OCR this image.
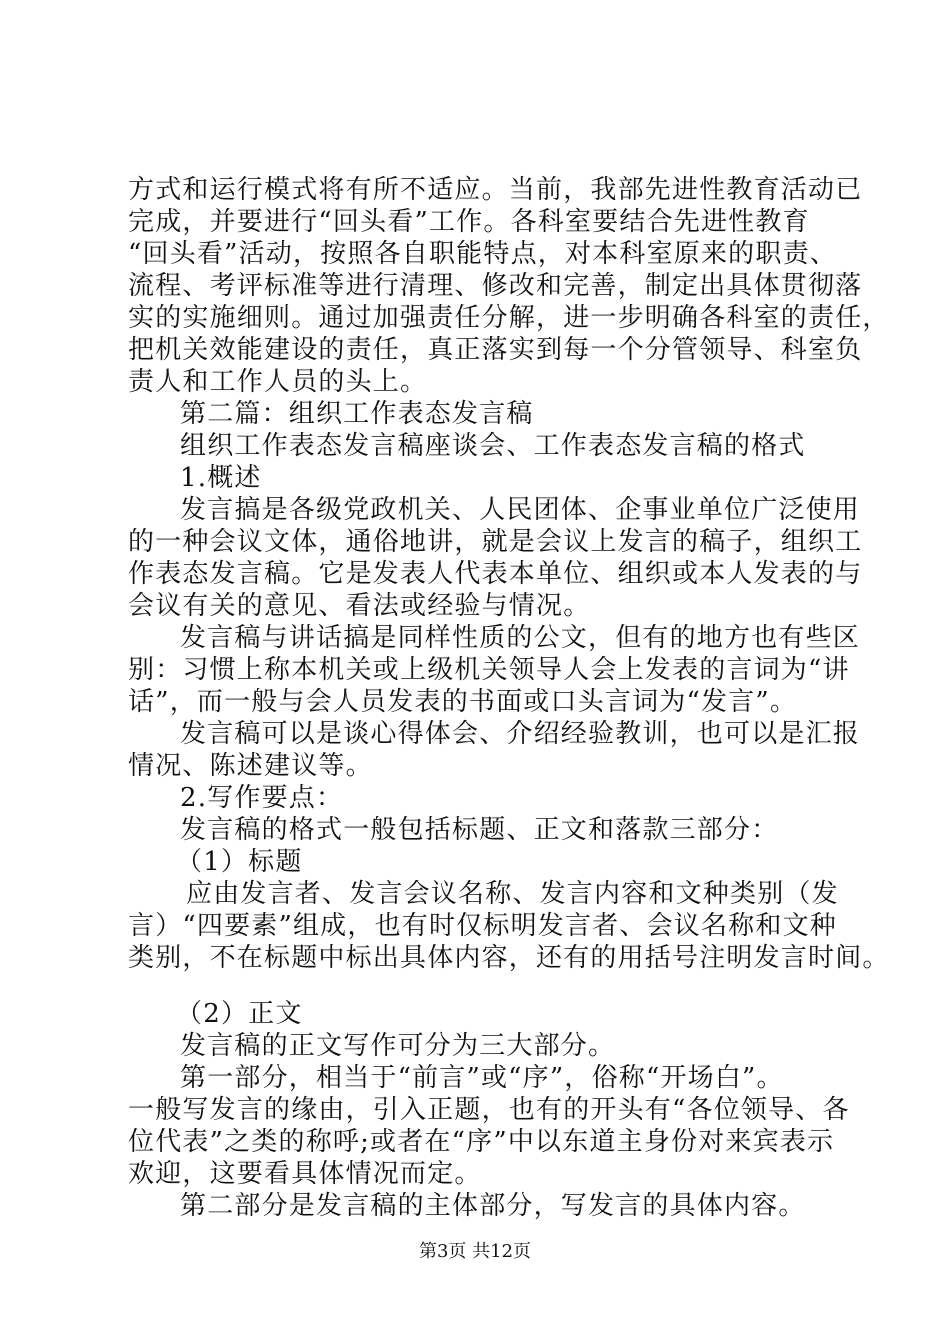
方式和运行模式将有所不适应。当前，我部先进性教育活动已
完成，并要进行“回头看”工作。各科室要结合先进性教育
“回头看”活动，按照各自职能特点，对本科室原来的职责、
流程、考评标准等进行清理、修改和完善，制定出具体贯彻落
实的实施细则。通过加强责任分解，进一步明确各科室的责任，
把机关效能建设的责任，真正落实到每一个分管领导、科室负
责人和工作人员的头上。
第二篇：组织工作表态发言稿
组织工作表态发言稿座谈会、工作表态发言稿的格式
1.概述
发言搞是各级党政机关、人民团体、企事业单位广泛使用
的一种会议文体，通俗地讲，就是会议上发言的稿子，组织工
作表态发言稿。它是发表人代表本单位、组织或本人发表的与
会议有关的意见、看法或经验与情况。
发言稿与讲话搞是同样性质的公文，但有的地方也有些区
别：习惯上称本机关或上级机关领导人会上发表的言词为“讲
话”，而一般与会人员发表的书面或口头言词为“发言”。
发言稿可以是谈心得体会、介绍经验教训，也可以是汇报
情况、陈述建议等。
2.写作要点：
发言稿的格式一般包括标题、正文和落款三部分：
（1）标题
应由发言者、发言会议名称、发言内容和文种类别（发
言）“四要素”组成，也有时仅标明发言者、会议名称和文种
类别，不在标题中标出具体内容，还有的用括号注明发言时间。
（2）正文
发言稿的正文写作可分为三大部分。
第一部分，相当于“前言”或“序”，俗称“开场白”。
一般写发言的缘由，引入正题，也有的开头有“各位领导、各
位代表”之类的称呼;或者在“序”中以东道主身份对来宾表示
欢迎，这要看具体情况而定。
第二部分是发言稿的主体部分，写发言的具体内容。
第3页 共12页
